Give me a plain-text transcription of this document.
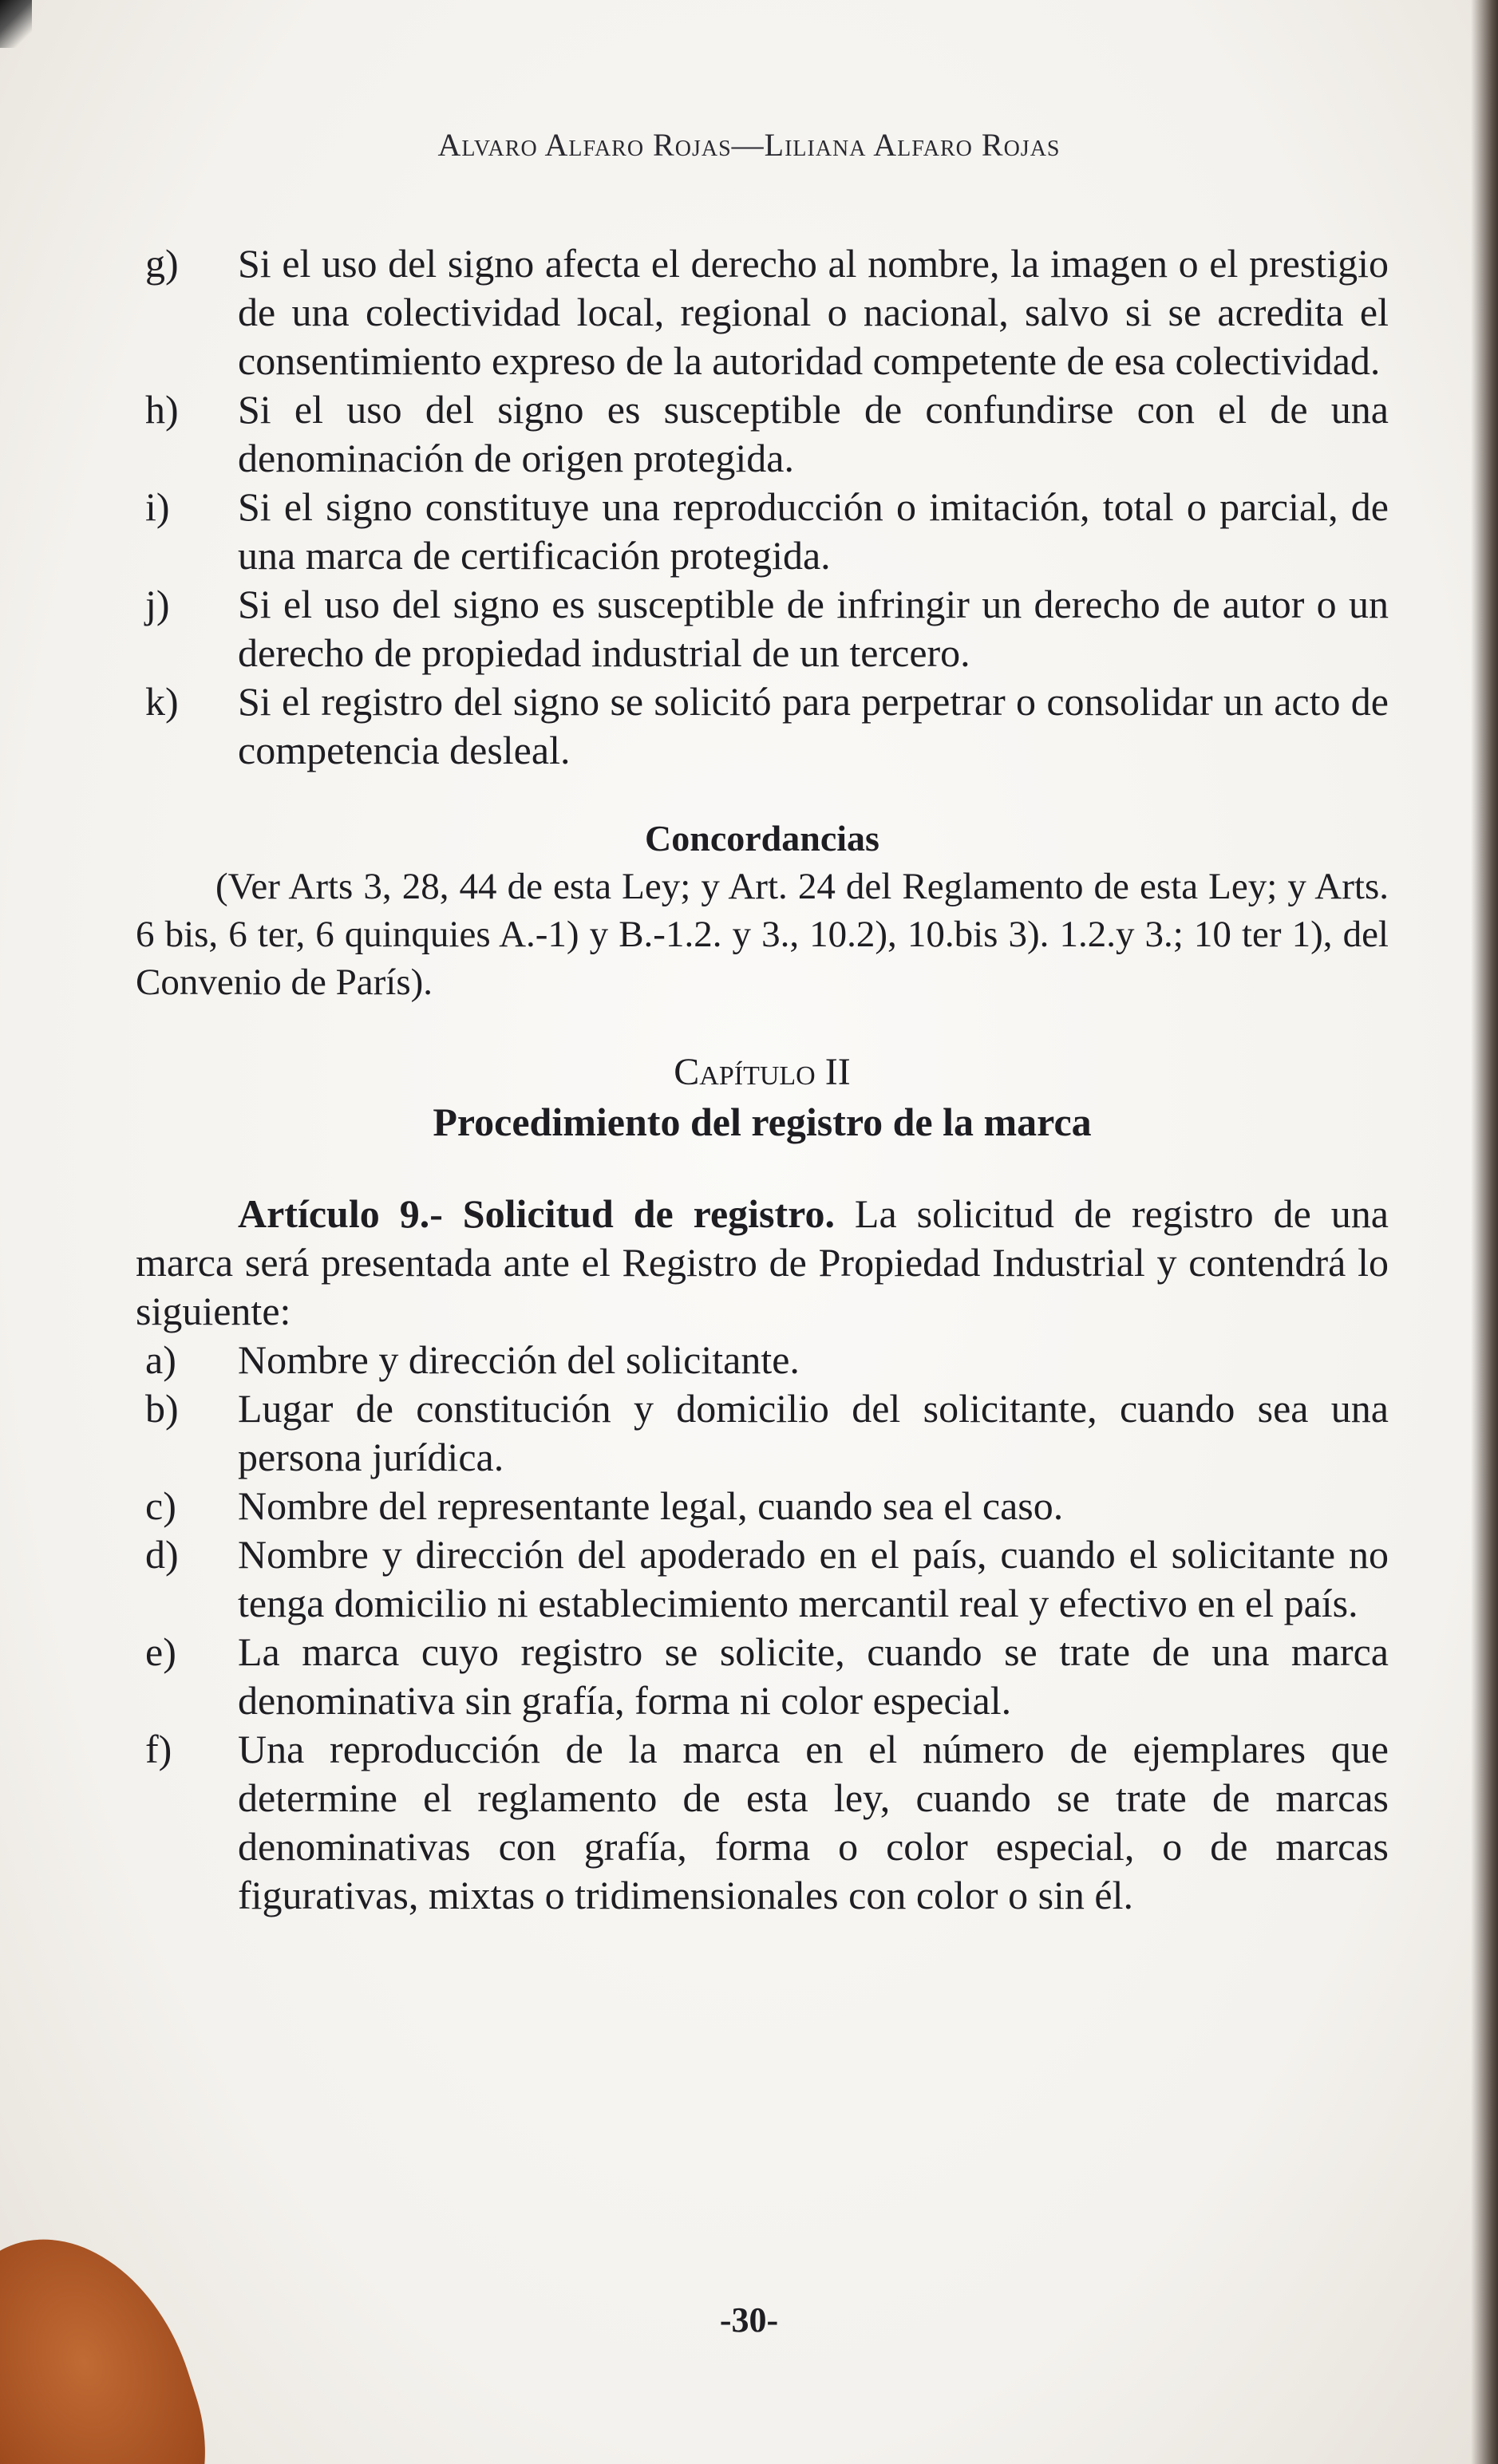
Alvaro Alfaro Rojas—Liliana Alfaro Rojas
g) Si el uso del signo afecta el derecho al nombre, la imagen o el prestigio de una colectividad local, regional o nacional, salvo si se acredita el consentimiento expreso de la autoridad competente de esa colectividad.
h) Si el uso del signo es susceptible de confundirse con el de una denominación de origen protegida.
i) Si el signo constituye una reproducción o imitación, total o parcial, de una marca de certificación protegida.
j) Si el uso del signo es susceptible de infringir un derecho de autor o un derecho de propiedad industrial de un tercero.
k) Si el registro del signo se solicitó para perpetrar o consolidar un acto de competencia desleal.
Concordancias
(Ver Arts 3, 28, 44 de esta Ley; y Art. 24 del Reglamento de esta Ley; y Arts. 6 bis, 6 ter, 6 quinquies A.-1) y B.-1.2. y 3., 10.2), 10.bis 3). 1.2.y 3.; 10 ter 1), del Convenio de París).
Capítulo II
Procedimiento del registro de la marca
Artículo 9.- Solicitud de registro. La solicitud de registro de una marca será presentada ante el Registro de Propiedad Industrial y contendrá lo siguiente:
a) Nombre y dirección del solicitante.
b) Lugar de constitución y domicilio del solicitante, cuando sea una persona jurídica.
c) Nombre del representante legal, cuando sea el caso.
d) Nombre y dirección del apoderado en el país, cuando el solicitante no tenga domicilio ni establecimiento mercantil real y efectivo en el país.
e) La marca cuyo registro se solicite, cuando se trate de una marca denominativa sin grafía, forma ni color especial.
f) Una reproducción de la marca en el número de ejemplares que determine el reglamento de esta ley, cuando se trate de marcas denominativas con grafía, forma o color especial, o de marcas figurativas, mixtas o tridimensionales con color o sin él.
-30-
